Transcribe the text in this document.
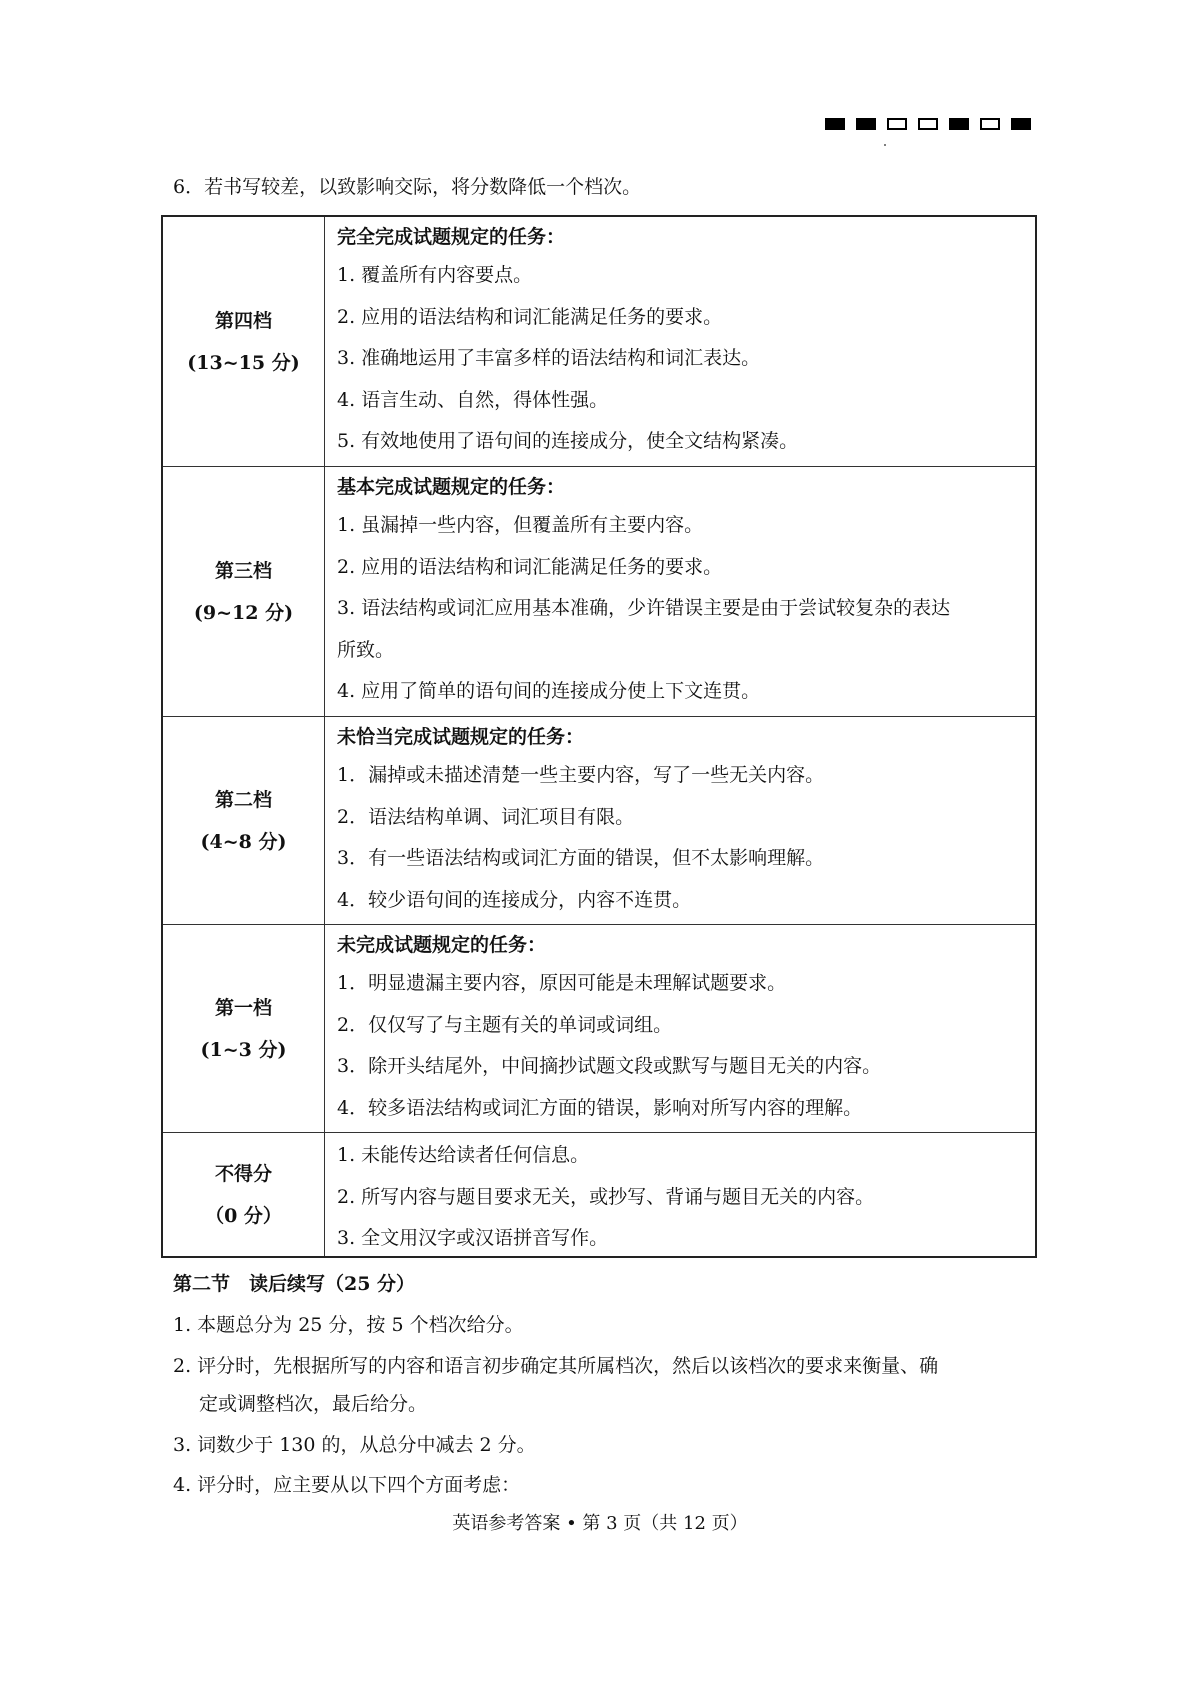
6．若书写较差，以致影响交际，将分数降低一个档次。
第四档
(13~15 分)
完全完成试题规定的任务：
1. 覆盖所有内容要点。
2. 应用的语法结构和词汇能满足任务的要求。
3. 准确地运用了丰富多样的语法结构和词汇表达。
4. 语言生动、自然，得体性强。
5. 有效地使用了语句间的连接成分，使全文结构紧凑。
第三档
(9~12 分)
基本完成试题规定的任务：
1. 虽漏掉一些内容，但覆盖所有主要内容。
2. 应用的语法结构和词汇能满足任务的要求。
3. 语法结构或词汇应用基本准确，少许错误主要是由于尝试较复杂的表达
所致。
4. 应用了简单的语句间的连接成分使上下文连贯。
第二档
(4~8 分)
未恰当完成试题规定的任务：
1．漏掉或未描述清楚一些主要内容，写了一些无关内容。
2．语法结构单调、词汇项目有限。
3．有一些语法结构或词汇方面的错误，但不太影响理解。
4．较少语句间的连接成分，内容不连贯。
第一档
(1~3 分)
未完成试题规定的任务：
1．明显遗漏主要内容，原因可能是未理解试题要求。
2．仅仅写了与主题有关的单词或词组。
3．除开头结尾外，中间摘抄试题文段或默写与题目无关的内容。
4．较多语法结构或词汇方面的错误，影响对所写内容的理解。
不得分
（0 分）
1. 未能传达给读者任何信息。
2. 所写内容与题目要求无关，或抄写、背诵与题目无关的内容。
3. 全文用汉字或汉语拼音写作。
第二节　读后续写（25 分）
1. 本题总分为 25 分，按 5 个档次给分。
2. 评分时，先根据所写的内容和语言初步确定其所属档次，然后以该档次的要求来衡量、确
定或调整档次，最后给分。
3. 词数少于 130 的，从总分中减去 2 分。
4. 评分时，应主要从以下四个方面考虑：
英语参考答案 • 第 3 页（共 12 页）
